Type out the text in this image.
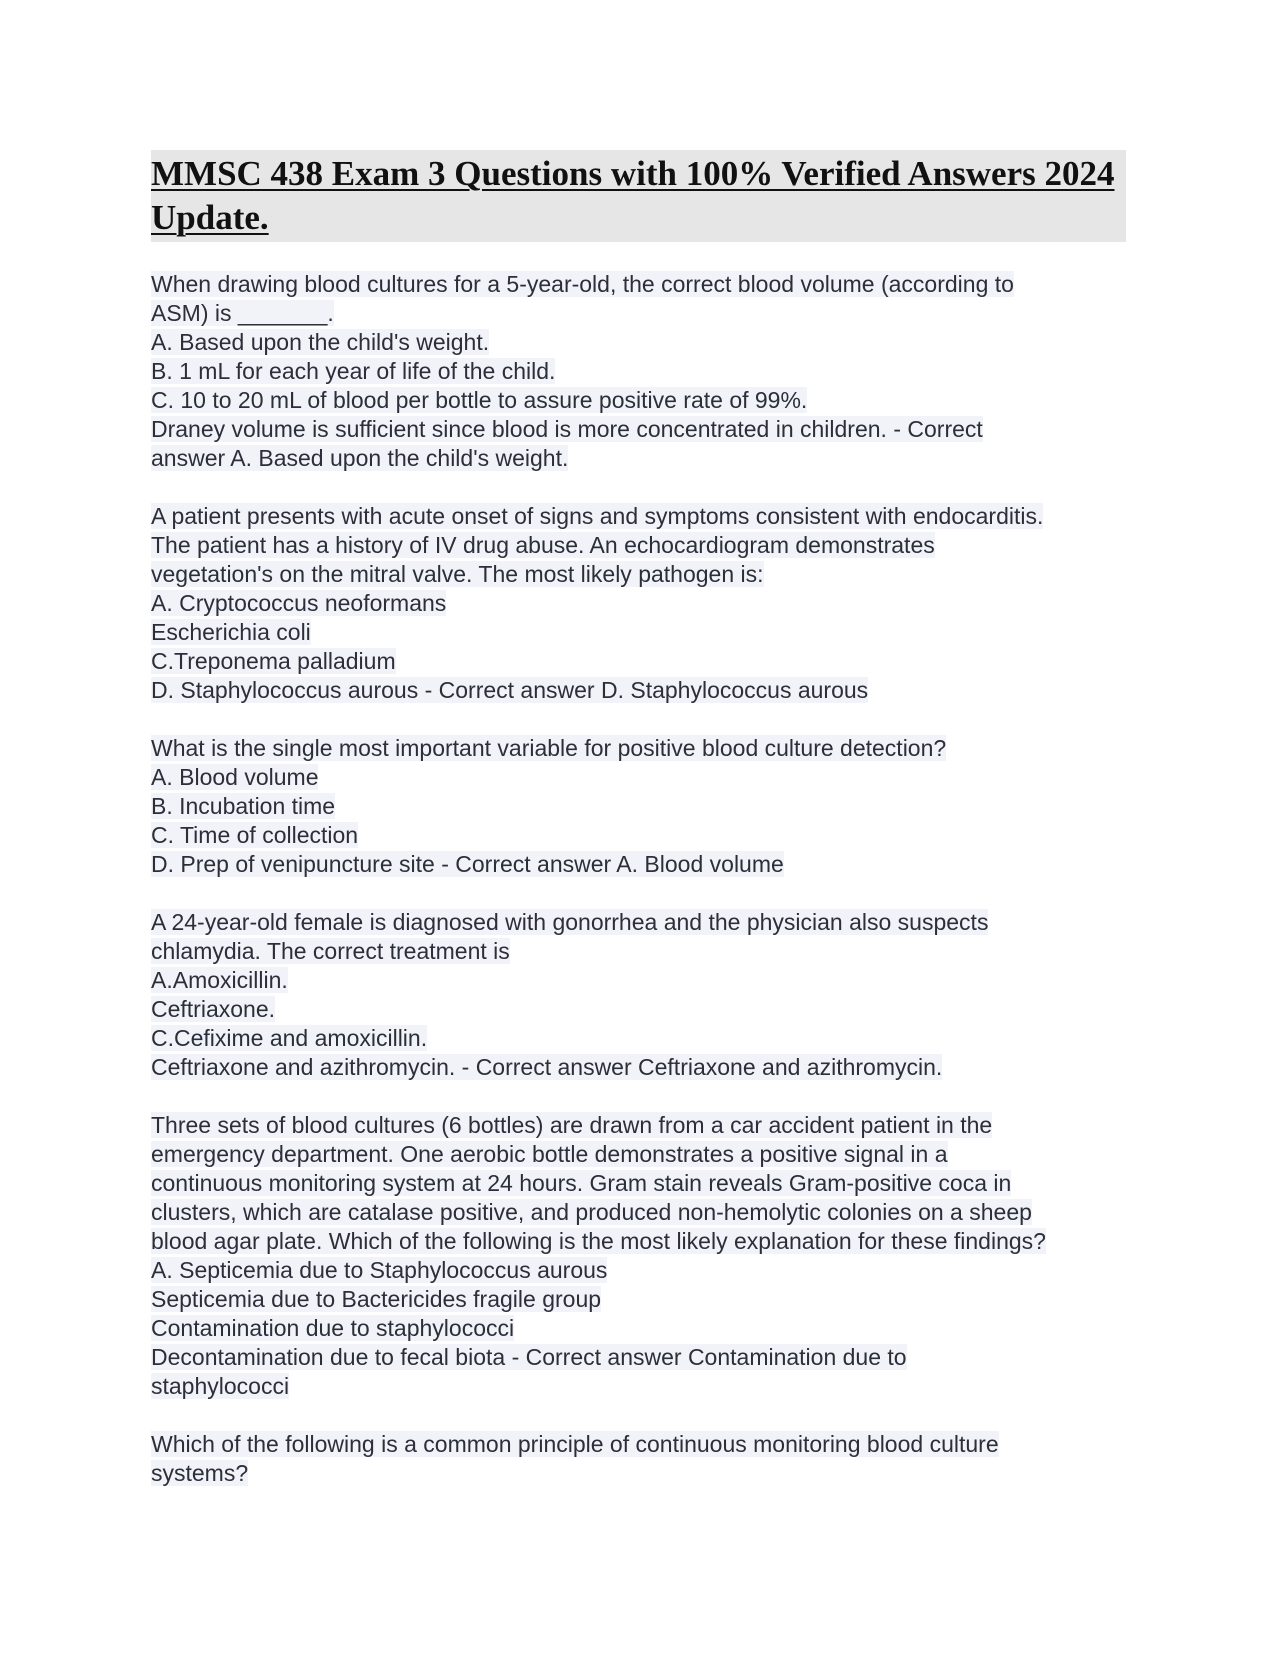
MMSC 438 Exam 3 Questions with 100% Verified Answers 2024 Update.
When drawing blood cultures for a 5-year-old, the correct blood volume (according to
ASM) is _______.
A. Based upon the child's weight.
B. 1 mL for each year of life of the child.
C. 10 to 20 mL of blood per bottle to assure positive rate of 99%.
Draney volume is sufficient since blood is more concentrated in children. - Correct
answer A. Based upon the child's weight.
A patient presents with acute onset of signs and symptoms consistent with endocarditis.
The patient has a history of IV drug abuse. An echocardiogram demonstrates
vegetation's on the mitral valve. The most likely pathogen is:
A. Cryptococcus neoformans
Escherichia coli
C.Treponema palladium
D. Staphylococcus aurous - Correct answer D. Staphylococcus aurous
What is the single most important variable for positive blood culture detection?
A. Blood volume
B. Incubation time
C. Time of collection
D. Prep of venipuncture site - Correct answer A. Blood volume
A 24-year-old female is diagnosed with gonorrhea and the physician also suspects
chlamydia. The correct treatment is
A.Amoxicillin.
Ceftriaxone.
C.Cefixime and amoxicillin.
Ceftriaxone and azithromycin. - Correct answer Ceftriaxone and azithromycin.
Three sets of blood cultures (6 bottles) are drawn from a car accident patient in the
emergency department. One aerobic bottle demonstrates a positive signal in a
continuous monitoring system at 24 hours. Gram stain reveals Gram-positive coca in
clusters, which are catalase positive, and produced non-hemolytic colonies on a sheep
blood agar plate. Which of the following is the most likely explanation for these findings?
A. Septicemia due to Staphylococcus aurous
Septicemia due to Bactericides fragile group
Contamination due to staphylococci
Decontamination due to fecal biota - Correct answer Contamination due to
staphylococci
Which of the following is a common principle of continuous monitoring blood culture
systems?
